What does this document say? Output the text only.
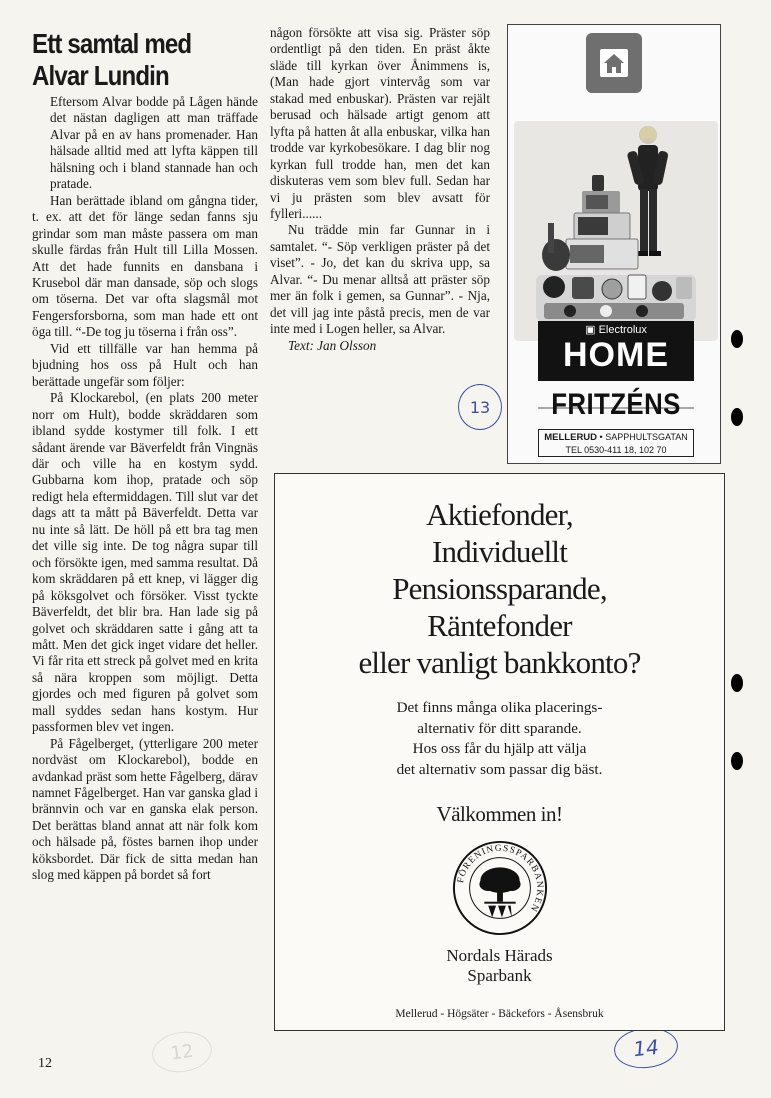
Ett samtal med
Alvar Lundin

Eftersom Alvar bodde på Lågen hände det nästan dagligen att man träffade Alvar på en av hans promenader. Han hälsade alltid med att lyfta käppen till hälsning och i bland stannade han och pratade.

Han berättade ibland om gångna tider, t. ex. att det för länge sedan fanns sju grindar som man måste passera om man skulle färdas från Hult till Lilla Mossen. Att det hade funnits en dansbana i Krusebol där man dansade, söp och slogs om töserna. Det var ofta slagsmål mot Fengersforsborna, som man hade ett ont öga till. “-De tog ju töserna i från oss”.

Vid ett tillfälle var han hemma på bjudning hos oss på Hult och han berättade ungefär som följer:

På Klockarebol, (en plats 200 meter norr om Hult), bodde skräddaren som ibland sydde kostymer till folk. I ett sådant ärende var Bäverfeldt från Vingnäs där och ville ha en kostym sydd. Gubbarna kom ihop, pratade och söp redigt hela eftermiddagen. Till slut var det dags att ta mått på Bäverfeldt. Detta var nu inte så lätt. De höll på ett bra tag men det ville sig inte. De tog några supar till och försökte igen, med samma resultat. Då kom skräddaren på ett knep, vi lägger dig på köksgolvet och försöker. Visst tyckte Bäverfeldt, det blir bra. Han lade sig på golvet och skräddaren satte i gång att ta mått. Men det gick inget vidare det heller. Vi får rita ett streck på golvet med en krita så nära kroppen som möjligt. Detta gjordes och med figuren på golvet som mall syddes sedan hans kostym. Hur passformen blev vet ingen.

På Fågelberget, (ytterligare 200 meter nordväst om Klockarebol), bodde en avdankad präst som hette Fågelberg, därav namnet Fågelberget. Han var ganska glad i brännvin och var en ganska elak person. Det berättas bland annat att när folk kom och hälsade på, föstes barnen ihop under köksbordet. Där fick de sitta medan han slog med käppen på bordet så fort

någon försökte att visa sig. Präster söp ordentligt på den tiden. En präst åkte släde till kyrkan över Ånimmens is, (Man hade gjort vintervåg som var stakad med enbuskar). Prästen var rejält berusad och hälsade artigt genom att lyfta på hatten åt alla enbuskar, vilka han trodde var kyrkobesökare. I dag blir nog kyrkan full trodde han, men det kan diskuteras vem som blev full. Sedan har vi ju prästen som blev avsatt för fylleri......

Nu trädde min far Gunnar in i samtalet. “- Söp verkligen präster på det viset”. - Jo, det kan du skriva upp, sa Alvar. “- Du menar alltså att präster söp mer än folk i gemen, sa Gunnar”. - Nja, det vill jag inte påstå precis, men de var inte med i Logen heller, sa Alvar.

Text: Jan Olsson

13
14
12
12
▣ Electrolux
HOME
FRITZÉNS
MELLERUD • SAPPHULTSGATAN
TEL 0530-411 18, 102 70
Aktiefonder,
Individuellt
Pensionssparande,
Räntefonder
eller vanligt bankkonto?
Det finns många olika placerings-
alternativ för ditt sparande.
Hos oss får du hjälp att välja
det alternativ som passar dig bäst.
Välkommen in!
FÖRENINGSSPARBANKEN
Nordals Härads
Sparbank
Mellerud - Högsäter - Bäckefors - Åsensbruk
